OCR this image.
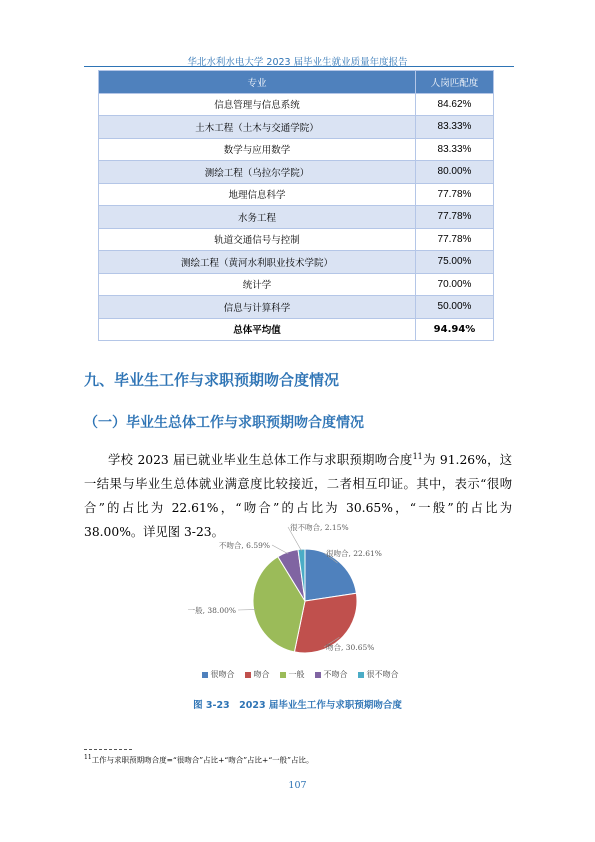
华北水利水电大学 2023 届毕业生就业质量年度报告
专业	人岗匹配度
信息管理与信息系统	84.62%
土木工程（土木与交通学院）	83.33%
数学与应用数学	83.33%
测绘工程（乌拉尔学院）	80.00%
地理信息科学	77.78%
水务工程	77.78%
轨道交通信号与控制	77.78%
测绘工程（黄河水利职业技术学院）	75.00%
统计学	70.00%
信息与计算科学	50.00%
总体平均值	94.94%
九、毕业生工作与求职预期吻合度情况
（一）毕业生总体工作与求职预期吻合度情况

学校 2023 届已就业毕业生总体工作与求职预期吻合度$^{11}$为 91.26%，这一结果与毕业生总体就业满意度比较接近，二者相互印证。其中，表示“很吻合”的占比为 22.61%，“吻合”的占比为 30.65%，“一般”的占比为 38.00%。详见图 3-23。

很吻合, 22.61%
吻合, 30.65%
一般, 38.00%
不吻合, 6.59%
很不吻合, 2.15%
很吻合 吻合 一般 不吻合 很不吻合
图 3-23　2023 届毕业生工作与求职预期吻合度
$^{11}$工作与求职预期吻合度=“很吻合”占比+“吻合”占比+“一般”占比。
107
